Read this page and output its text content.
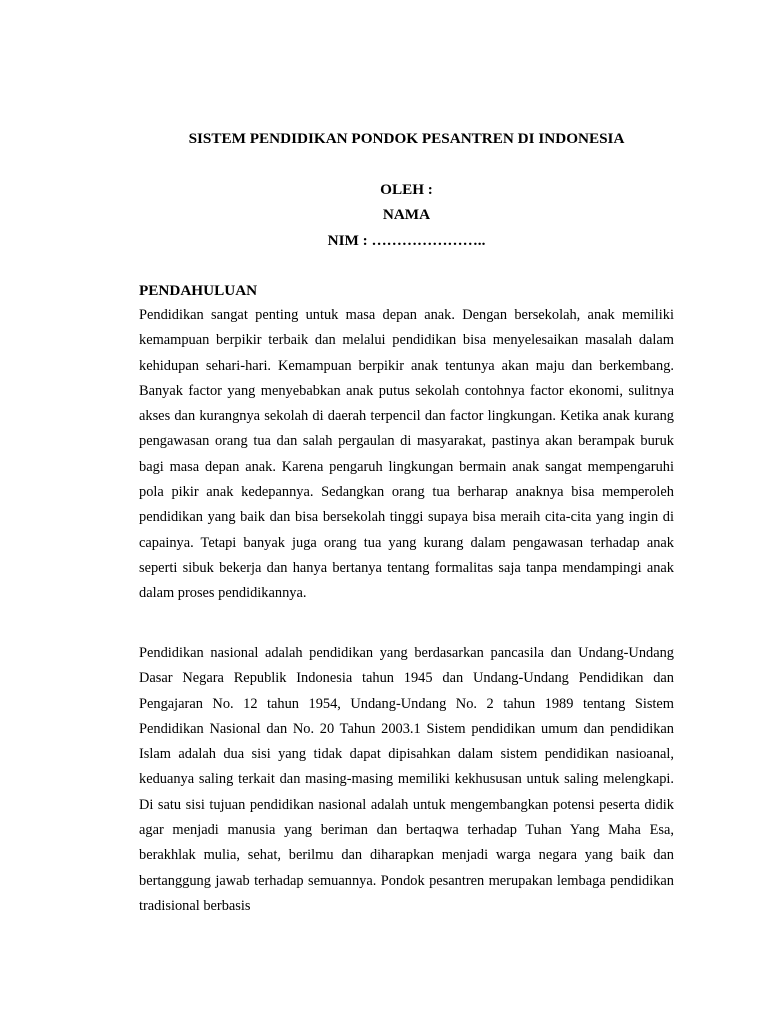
SISTEM PENDIDIKAN PONDOK PESANTREN DI INDONESIA
OLEH :
NAMA
NIM : …………………..
PENDAHULUAN

Pendidikan sangat penting untuk masa depan anak. Dengan bersekolah, anak memiliki kemampuan berpikir terbaik dan melalui pendidikan bisa menyelesaikan masalah dalam kehidupan sehari-hari. Kemampuan berpikir anak tentunya akan maju dan berkembang. Banyak factor yang menyebabkan anak putus sekolah contohnya factor ekonomi, sulitnya akses dan kurangnya sekolah di daerah terpencil dan factor lingkungan. Ketika anak kurang pengawasan orang tua dan salah pergaulan di masyarakat, pastinya akan berampak buruk bagi masa depan anak. Karena pengaruh lingkungan bermain anak sangat mempengaruhi pola pikir anak kedepannya. Sedangkan orang tua berharap anaknya bisa memperoleh pendidikan yang baik dan bisa bersekolah tinggi supaya bisa meraih cita-cita yang ingin di capainya. Tetapi banyak juga orang tua yang kurang dalam pengawasan terhadap anak seperti sibuk bekerja dan hanya bertanya tentang formalitas saja tanpa mendampingi anak dalam proses pendidikannya.

Pendidikan nasional adalah pendidikan yang berdasarkan pancasila dan Undang-Undang Dasar Negara Republik Indonesia tahun 1945 dan Undang-Undang Pendidikan dan Pengajaran No. 12 tahun 1954, Undang-Undang No. 2 tahun 1989 tentang Sistem Pendidikan Nasional dan No. 20 Tahun 2003.1 Sistem pendidikan umum dan pendidikan Islam adalah dua sisi yang tidak dapat dipisahkan dalam sistem pendidikan nasioanal, keduanya saling terkait dan masing-masing memiliki kekhususan untuk saling melengkapi. Di satu sisi tujuan pendidikan nasional adalah untuk mengembangkan potensi peserta didik agar menjadi manusia yang beriman dan bertaqwa terhadap Tuhan Yang Maha Esa, berakhlak mulia, sehat, berilmu dan diharapkan menjadi warga negara yang baik dan bertanggung jawab terhadap semuannya. Pondok pesantren merupakan lembaga pendidikan tradisional berbasis
